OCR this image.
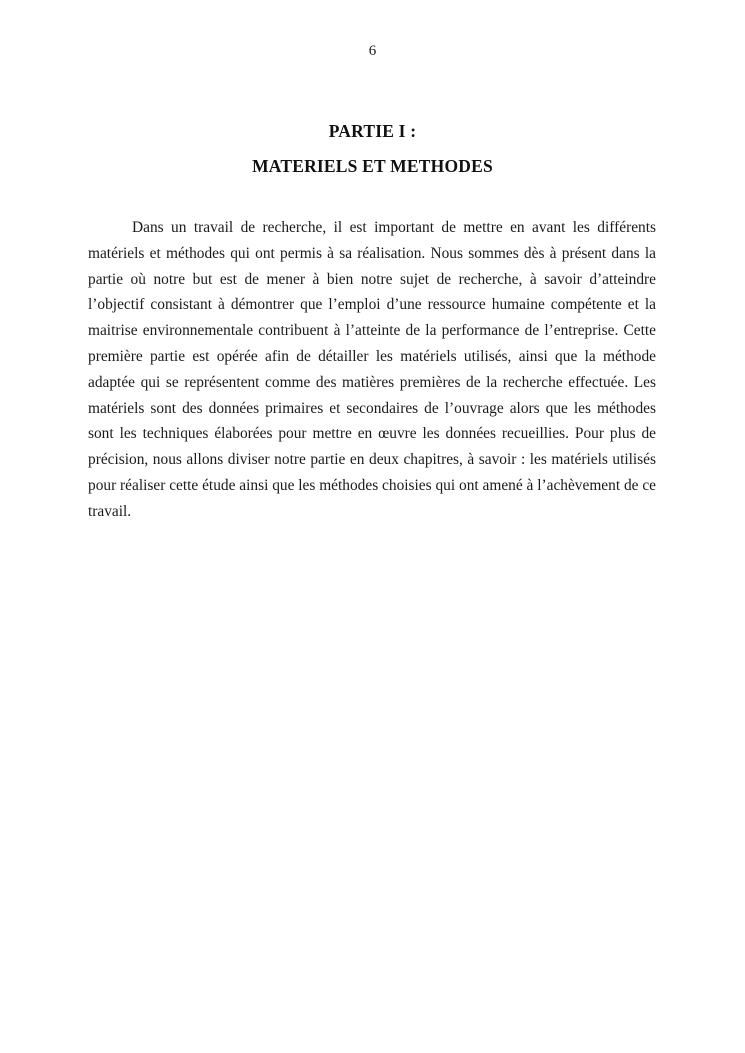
6
PARTIE I :
MATERIELS ET METHODES

Dans un travail de recherche, il est important de mettre en avant les différents matériels et méthodes qui ont permis à sa réalisation. Nous sommes dès à présent dans la partie où notre but est de mener à bien notre sujet de recherche, à savoir d’atteindre l’objectif consistant à démontrer que l’emploi d’une ressource humaine compétente et la maitrise environnementale contribuent à l’atteinte de la performance de l’entreprise. Cette première partie est opérée afin de détailler les matériels utilisés, ainsi que la méthode adaptée qui se représentent comme des matières premières de la recherche effectuée. Les matériels sont des données primaires et secondaires de l’ouvrage alors que les méthodes sont les techniques élaborées pour mettre en œuvre les données recueillies. Pour plus de précision, nous allons diviser notre partie en deux chapitres, à savoir : les matériels utilisés pour réaliser cette étude ainsi que les méthodes choisies qui ont amené à l’achèvement de ce travail.
